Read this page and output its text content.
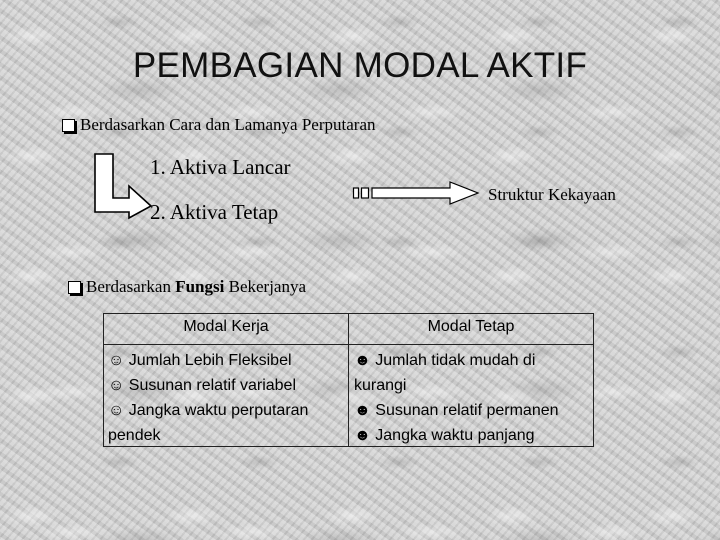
PEMBAGIAN MODAL AKTIF
Berdasarkan
Cara dan Lamanya Perputaran
1. Aktiva Lancar
2. Aktiva Tetap
Struktur Kekayaan
Berdasarkan
Fungsi
Bekerjanya
Modal Kerja	Modal Tetap
☺ Jumlah Lebih Fleksibel
☺ Susunan relatif variabel
☺ Jangka waktu perputaran pendek
☻ Jumlah tidak mudah di kurangi
☻ Susunan relatif permanen
☻ Jangka waktu panjang
